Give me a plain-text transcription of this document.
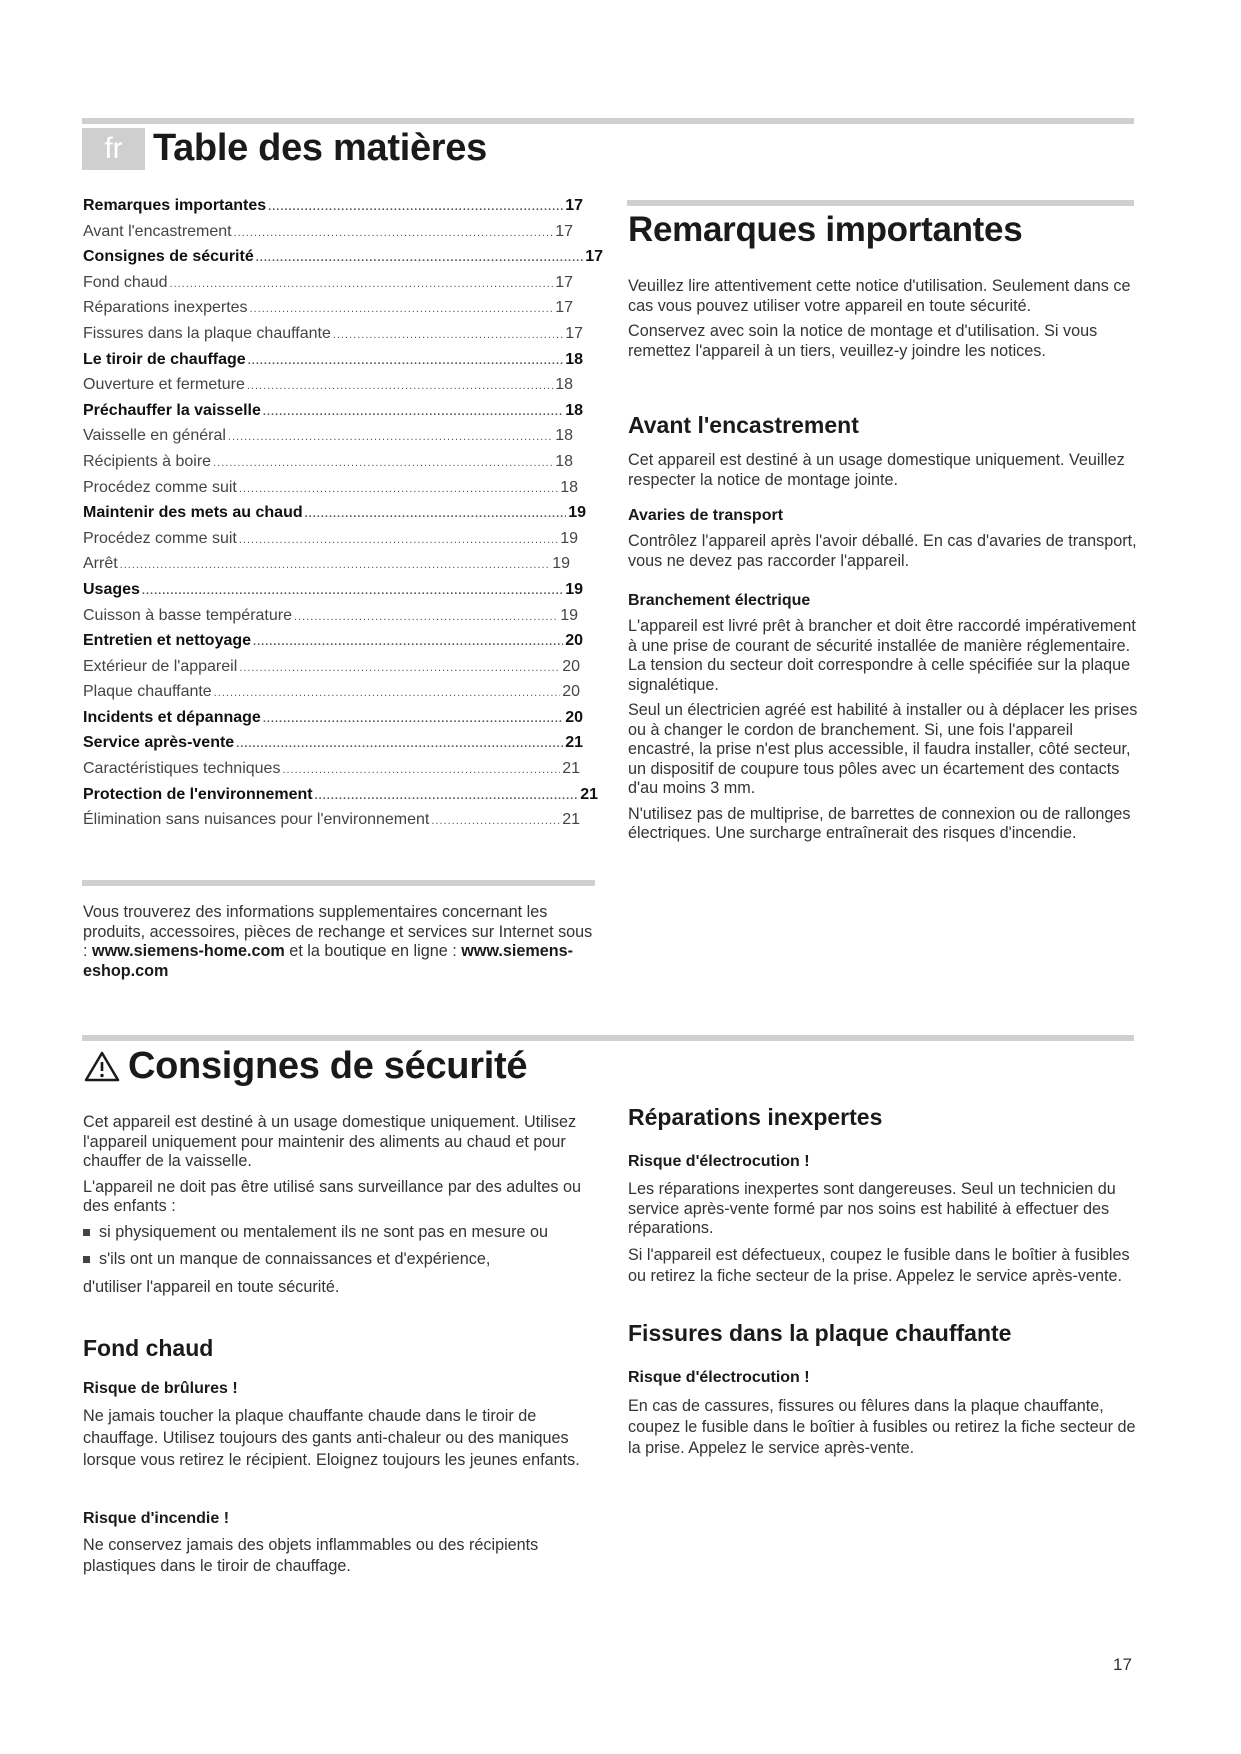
fr Table des matières
Remarques importantes .....	17
Avant l'encastrement .....	17
Consignes de sécurité .....	17
Fond chaud .....	17
Réparations inexpertes .....	17
Fissures dans la plaque chauffante .....	17
Le tiroir de chauffage .....	18
Ouverture et fermeture .....	18
Préchauffer la vaisselle .....	18
Vaisselle en général .....	18
Récipients à boire .....	18
Procédez comme suit .....	18
Maintenir des mets au chaud .....	19
Procédez comme suit .....	19
Arrêt .....	19
Usages .....	19
Cuisson à basse température .....	19
Entretien et nettoyage .....	20
Extérieur de l'appareil .....	20
Plaque chauffante .....	20
Incidents et dépannage .....	20
Service après-vente .....	21
Caractéristiques techniques .....	21
Protection de l'environnement .....	21
Élimination sans nuisances pour l'environnement .....	21
Vous trouverez des informations supplementaires concernant les produits, accessoires, pièces de rechange et services sur Internet sous : www.siemens-home.com et la boutique en ligne : www.siemens-eshop.com
Remarques importantes

Veuillez lire attentivement cette notice d'utilisation. Seulement dans ce cas vous pouvez utiliser votre appareil en toute sécurité.

Conservez avec soin la notice de montage et d'utilisation. Si vous remettez l'appareil à un tiers, veuillez-y joindre les notices.

Avant l'encastrement
Cet appareil est destiné à un usage domestique uniquement. Veuillez respecter la notice de montage jointe.
Avaries de transport
Contrôlez l'appareil après l'avoir déballé. En cas d'avaries de transport, vous ne devez pas raccorder l'appareil.
Branchement électrique

L'appareil est livré prêt à brancher et doit être raccordé impérativement à une prise de courant de sécurité installée de manière réglementaire. La tension du secteur doit correspondre à celle spécifiée sur la plaque signalétique.

Seul un électricien agréé est habilité à installer ou à déplacer les prises ou à changer le cordon de branchement. Si, une fois l'appareil encastré, la prise n'est plus accessible, il faudra installer, côté secteur, un dispositif de coupure tous pôles avec un écartement des contacts d'au moins 3 mm.

N'utilisez pas de multiprise, de barrettes de connexion ou de rallonges électriques. Une surcharge entraînerait des risques d'incendie.

Consignes de sécurité

Cet appareil est destiné à un usage domestique uniquement. Utilisez l'appareil uniquement pour maintenir des aliments au chaud et pour chauffer de la vaisselle.

L'appareil ne doit pas être utilisé sans surveillance par des adultes ou des enfants :

si physiquement ou mentalement ils ne sont pas en mesure ou
s'ils ont un manque de connaissances et d'expérience,

d'utiliser l'appareil en toute sécurité.

Fond chaud
Risque de brûlures !
Ne jamais toucher la plaque chauffante chaude dans le tiroir de chauffage. Utilisez toujours des gants anti-chaleur ou des maniques lorsque vous retirez le récipient. Eloignez toujours les jeunes enfants.
Risque d'incendie !
Ne conservez jamais des objets inflammables ou des récipients plastiques dans le tiroir de chauffage.
Réparations inexpertes
Risque d'électrocution !

Les réparations inexpertes sont dangereuses. Seul un technicien du service après-vente formé par nos soins est habilité à effectuer des réparations.

Si l'appareil est défectueux, coupez le fusible dans le boîtier à fusibles ou retirez la fiche secteur de la prise. Appelez le service après-vente.

Fissures dans la plaque chauffante
Risque d'électrocution !
En cas de cassures, fissures ou fêlures dans la plaque chauffante, coupez le fusible dans le boîtier à fusibles ou retirez la fiche secteur de la prise. Appelez le service après-vente.
17
